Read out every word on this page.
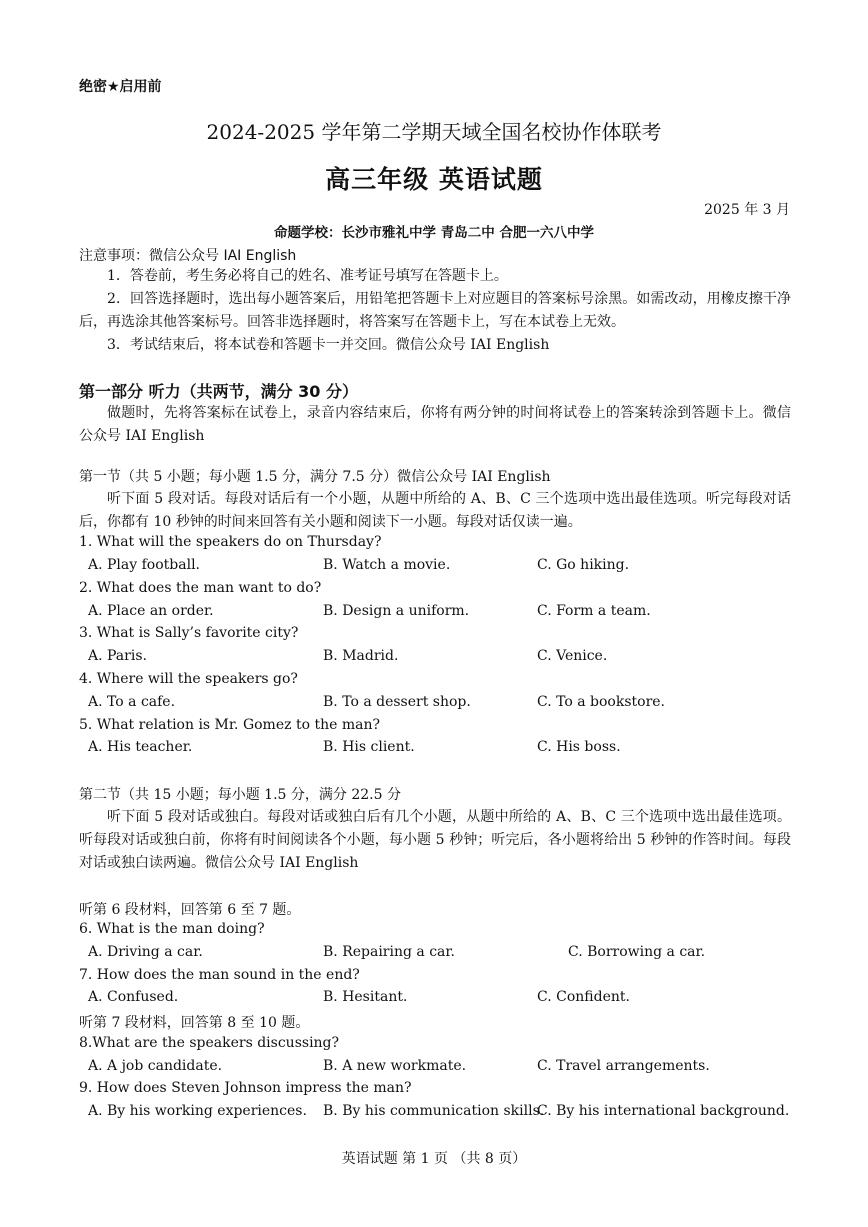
绝密★启用前
2024-2025 学年第二学期天域全国名校协作体联考
高三年级 英语试题
2025 年 3 月
命题学校：长沙市雅礼中学 青岛二中 合肥一六八中学
注意事项：微信公众号 IAI English
1．答卷前，考生务必将自己的姓名、准考证号填写在答题卡上。
2．回答选择题时，选出每小题答案后，用铅笔把答题卡上对应题目的答案标号涂黑。如需改动，用橡皮擦干净后，再选涂其他答案标号。回答非选择题时，将答案写在答题卡上，写在本试卷上无效。
3．考试结束后，将本试卷和答题卡一并交回。微信公众号 IAI English
第一部分 听力（共两节，满分 30 分）
做题时，先将答案标在试卷上，录音内容结束后，你将有两分钟的时间将试卷上的答案转涂到答题卡上。微信公众号 IAI English
第一节（共 5 小题；每小题 1.5 分，满分 7.5 分）微信公众号 IAI English
听下面 5 段对话。每段对话后有一个小题，从题中所给的 A、B、C 三个选项中选出最佳选项。听完每段对话后，你都有 10 秒钟的时间来回答有关小题和阅读下一小题。每段对话仅读一遍。
1. What will the speakers do on Thursday?
A. Play football.	B. Watch a movie.	C. Go hiking.
2. What does the man want to do?
A. Place an order.	B. Design a uniform.	C. Form a team.
3. What is Sally’s favorite city?
A. Paris.	B. Madrid.	C. Venice.
4. Where will the speakers go?
A. To a cafe.	B. To a dessert shop.	C. To a bookstore.
5. What relation is Mr. Gomez to the man?
A. His teacher.	B. His client.	C. His boss.
第二节（共 15 小题；每小题 1.5 分，满分 22.5 分
听下面 5 段对话或独白。每段对话或独白后有几个小题，从题中所给的 A、B、C 三个选项中选出最佳选项。听每段对话或独白前，你将有时间阅读各个小题，每小题 5 秒钟；听完后，各小题将给出 5 秒钟的作答时间。每段对话或独白读两遍。微信公众号 IAI English
听第 6 段材料，回答第 6 至 7 题。
6. What is the man doing?
A. Driving a car.	B. Repairing a car.	C. Borrowing a car.
7. How does the man sound in the end?
A. Confused.	B. Hesitant.	C. Confident.
听第 7 段材料，回答第 8 至 10 题。
8.What are the speakers discussing?
A. A job candidate.	B. A new workmate.	C. Travel arrangements.
9. How does Steven Johnson impress the man?
A. By his working experiences. B. By his communication skills.
C. By his international background.
英语试题 第 1 页 （共 8 页）
